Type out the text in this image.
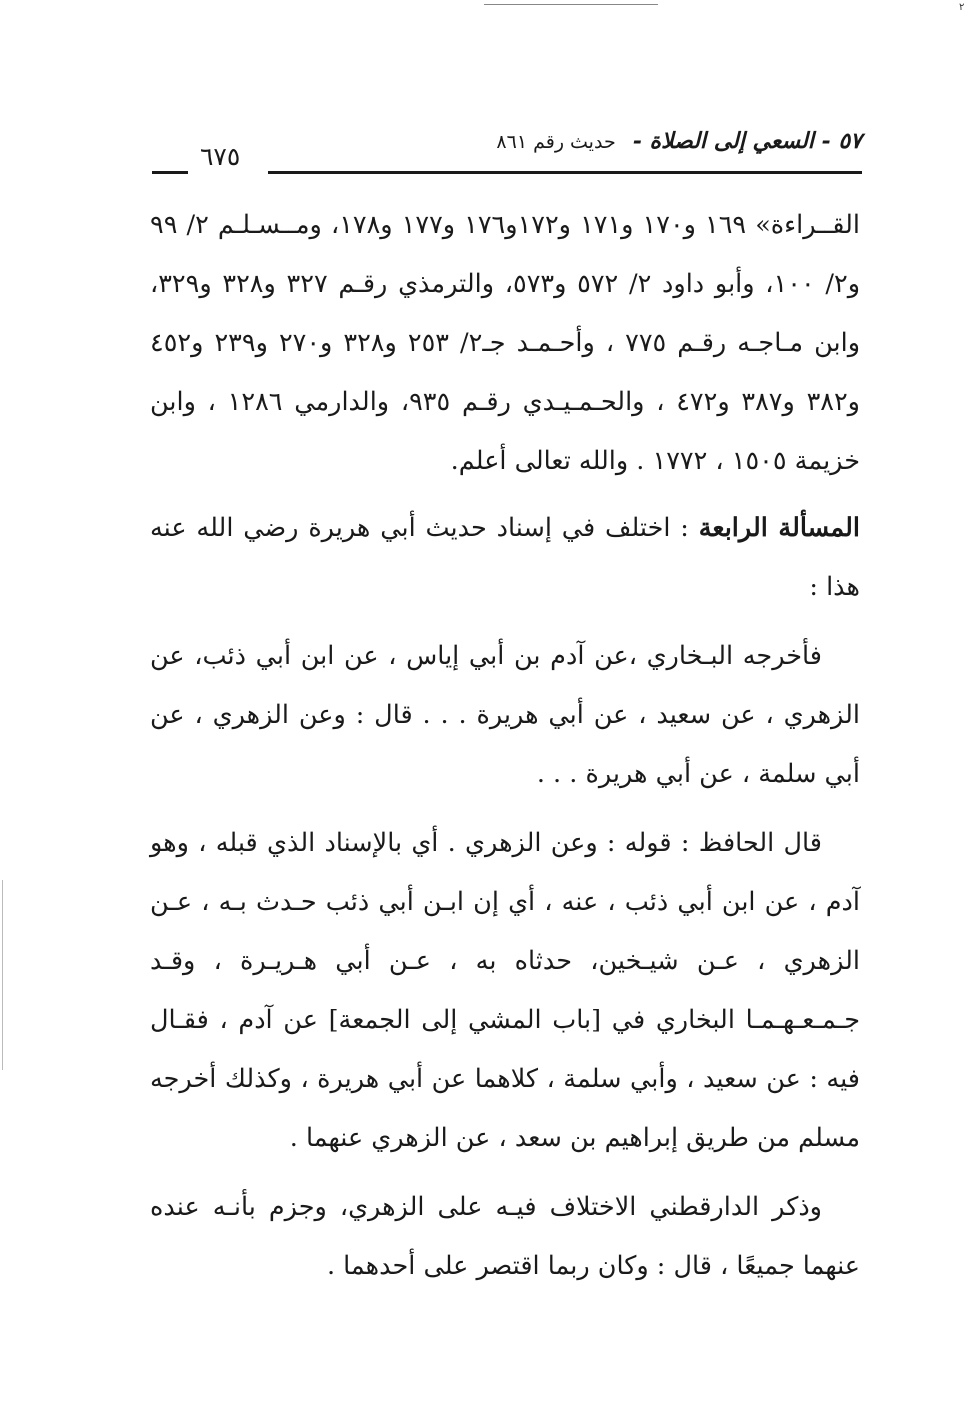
٢
٦٧٥
٥٧ - السعي إلى الصلاة - حديث رقم ٨٦١

القــراءة» ١٦٩ و١٧٠ و١٧١ و١٧٢و١٧٦ و١٧٧ و١٧٨، ومــسـلـم ٢/ ٩٩ و٢/ ١٠٠، وأبو داود ٢/ ٥٧٢ و٥٧٣، والترمذي رقـم ٣٢٧ و٣٢٨ و٣٢٩، وابن مـاجـه رقـم ٧٧٥ ، وأحـمـد جـ٢/ ٢٥٣ و٣٢٨ و٢٧٠ و٢٣٩ و٤٥٢ و٣٨٢ و٣٨٧ و٤٧٢ ، والحـمـيـدي رقـم ٩٣٥، والدارمي ١٢٨٦ ، وابن خزيمة ١٥٠٥ ، ١٧٧٢ . والله تعالى أعلم.

المسألة الرابعة : اختلف في إسناد حديث أبي هريرة رضي الله عنه هذا :

فأخرجه البـخاري ،عن آدم بن أبي إياس ، عن ابن أبي ذئب، عن الزهري ، عن سعيد ، عن أبي هريرة . . . قال : وعن الزهري ، عن أبي سلمة ، عن أبي هريرة . . .

قال الحافظ : قوله : وعن الزهري . أي بالإسناد الذي قبله ، وهو آدم ، عن ابن أبي ذئب ، عنه ، أي إن ابـن أبي ذئب حـدث بـه ، عـن الزهري ، عـن شيـخين، حدثاه به ، عـن أبي هـريـرة ، وقـد جـمـعـهـمـا البخاري في [باب المشي إلى الجمعة] عن آدم ، فقـال فيه : عن سعيد ، وأبي سلمة ، كلاهما عن أبي هريرة ، وكذلك أخرجه مسلم من طريق إبراهيم بن سعد ، عن الزهري عنهما .

وذكر الدارقطني الاختلاف فيـه على الزهري، وجزم بأنـه عنده عنهما جميعًا ، قال : وكان ربما اقتصر على أحدهما .
